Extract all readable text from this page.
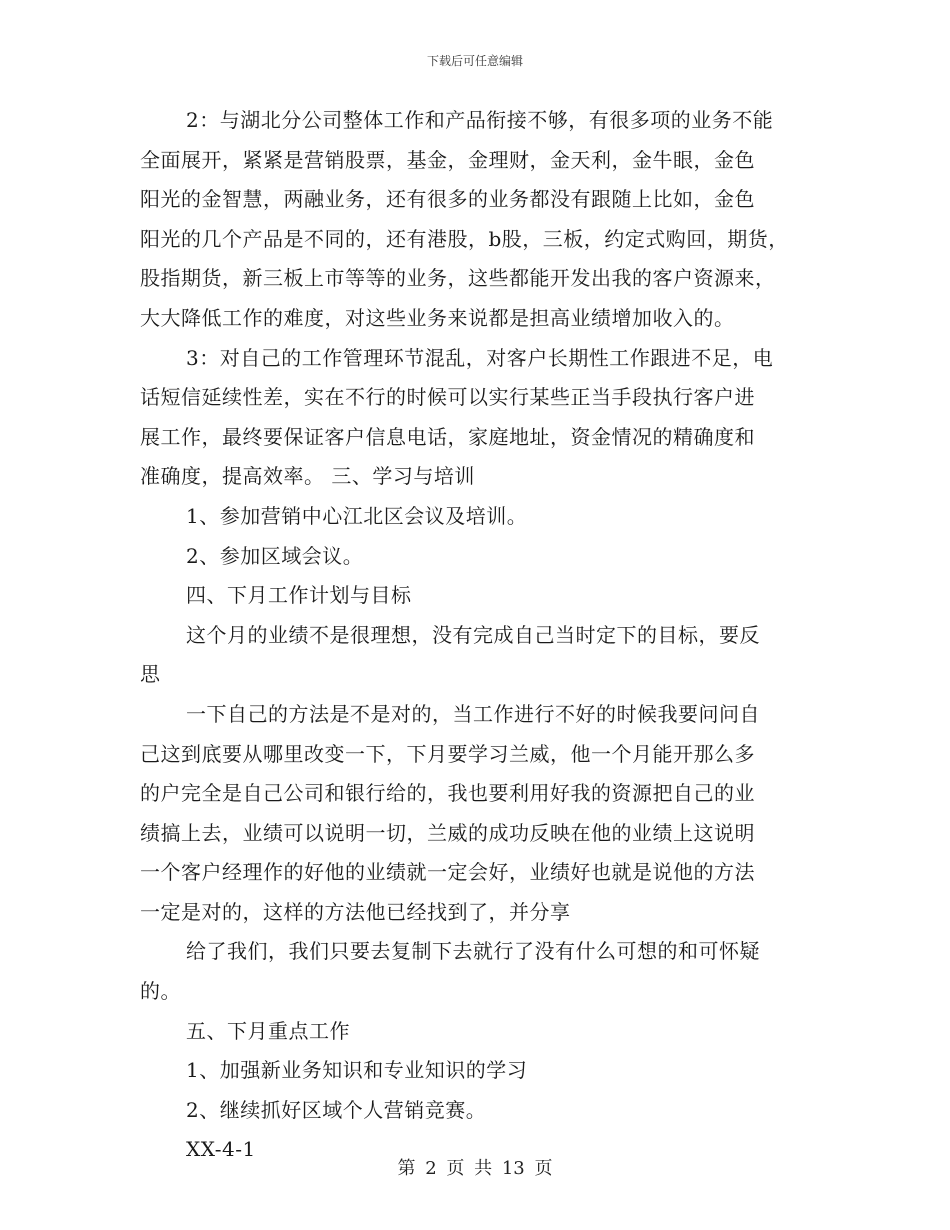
下载后可任意编辑
2：与湖北分公司整体工作和产品衔接不够，有很多项的业务不能
全面展开，紧紧是营销股票，基金，金理财，金天利，金牛眼，金色
阳光的金智慧，两融业务，还有很多的业务都没有跟随上比如，金色
阳光的几个产品是不同的，还有港股，b股，三板，约定式购回，期货，
股指期货，新三板上市等等的业务，这些都能开发出我的客户资源来，
大大降低工作的难度，对这些业务来说都是担高业绩增加收入的。
3：对自己的工作管理环节混乱，对客户长期性工作跟进不足，电
话短信延续性差，实在不行的时候可以实行某些正当手段执行客户进
展工作，最终要保证客户信息电话，家庭地址，资金情况的精确度和
准确度，提高效率。 三、学习与培训
1、参加营销中心江北区会议及培训。
2、参加区域会议。
四、下月工作计划与目标
这个月的业绩不是很理想，没有完成自己当时定下的目标，要反
思
一下自己的方法是不是对的，当工作进行不好的时候我要问问自
己这到底要从哪里改变一下，下月要学习兰威，他一个月能开那么多
的户完全是自己公司和银行给的，我也要利用好我的资源把自己的业
绩搞上去，业绩可以说明一切，兰威的成功反映在他的业绩上这说明
一个客户经理作的好他的业绩就一定会好，业绩好也就是说他的方法
一定是对的，这样的方法他已经找到了，并分享
给了我们，我们只要去复制下去就行了没有什么可想的和可怀疑
的。
五、下月重点工作
1、加强新业务知识和专业知识的学习
2、继续抓好区域个人营销竞赛。
XX-4-1
第 2 页 共 13 页
